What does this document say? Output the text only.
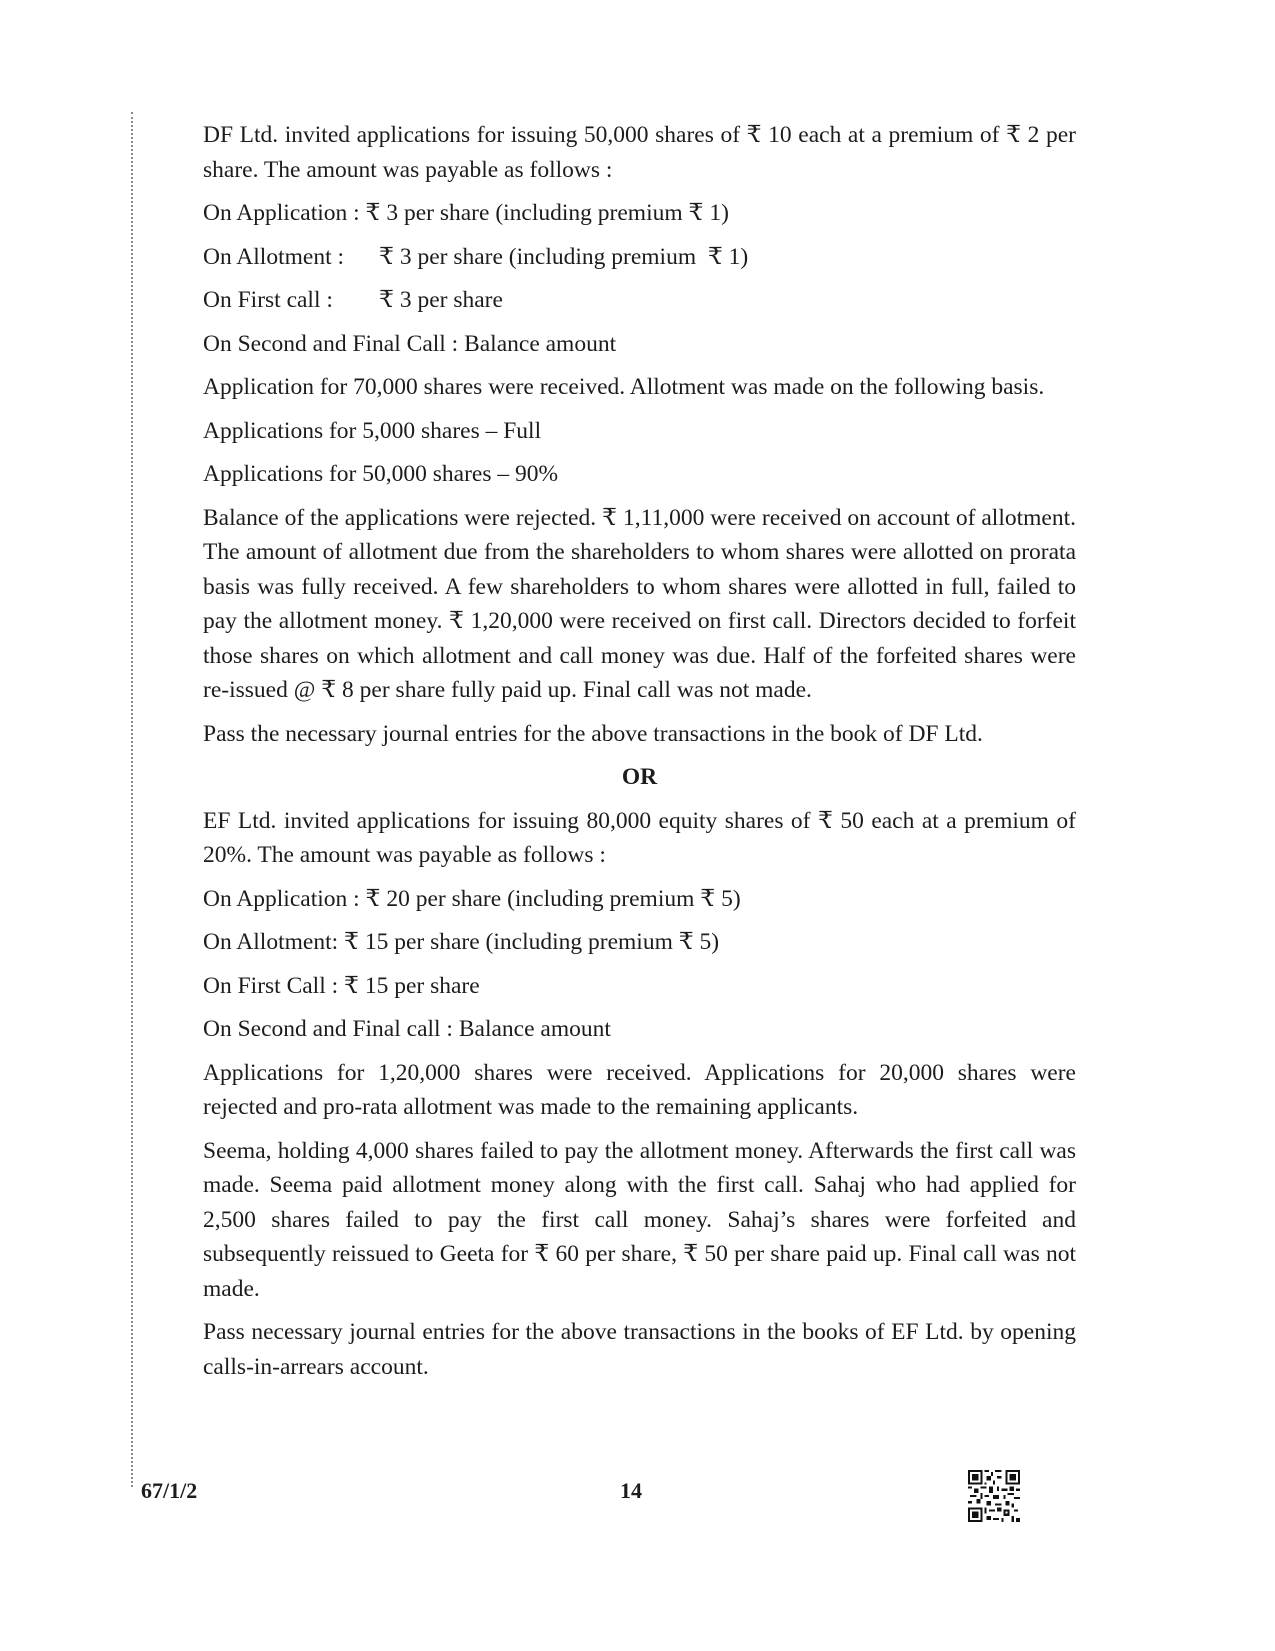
DF Ltd. invited applications for issuing 50,000 shares of ₹ 10 each at a premium of ₹ 2 per share. The amount was payable as follows :

On Application : ₹ 3 per share (including premium ₹ 1)

On Allotment :	₹ 3 per share (including premium  ₹ 1)
On First call :	₹ 3 per share

On Second and Final Call : Balance amount

Application for 70,000 shares were received. Allotment was made on the following basis.

Applications for 5,000 shares – Full

Applications for 50,000 shares – 90%

Balance of the applications were rejected. ₹ 1,11,000 were received on account of allotment. The amount of allotment due from the shareholders to whom shares were allotted on prorata basis was fully received. A few shareholders to whom shares were allotted in full, failed to pay the allotment money. ₹ 1,20,000 were received on first call. Directors decided to forfeit those shares on which allotment and call money was due. Half of the forfeited shares were re-issued @ ₹ 8 per share fully paid up. Final call was not made.

Pass the necessary journal entries for the above transactions in the book of DF Ltd.

OR

EF Ltd. invited applications for issuing 80,000 equity shares of ₹ 50 each at a premium of 20%. The amount was payable as follows :

On Application : ₹ 20 per share (including premium ₹ 5)

On Allotment: ₹ 15 per share (including premium ₹ 5)

On First Call : ₹ 15 per share

On Second and Final call : Balance amount

Applications for 1,20,000 shares were received. Applications for 20,000 shares were rejected and pro-rata allotment was made to the remaining applicants.

Seema, holding 4,000 shares failed to pay the allotment money. Afterwards the first call was made. Seema paid allotment money along with the first call. Sahaj who had applied for 2,500 shares failed to pay the first call money. Sahaj’s shares were forfeited and subsequently reissued to Geeta for ₹ 60 per share, ₹ 50 per share paid up. Final call was not made.

Pass necessary journal entries for the above transactions in the books of EF Ltd. by opening calls-in-arrears account.

67/1/2	14
